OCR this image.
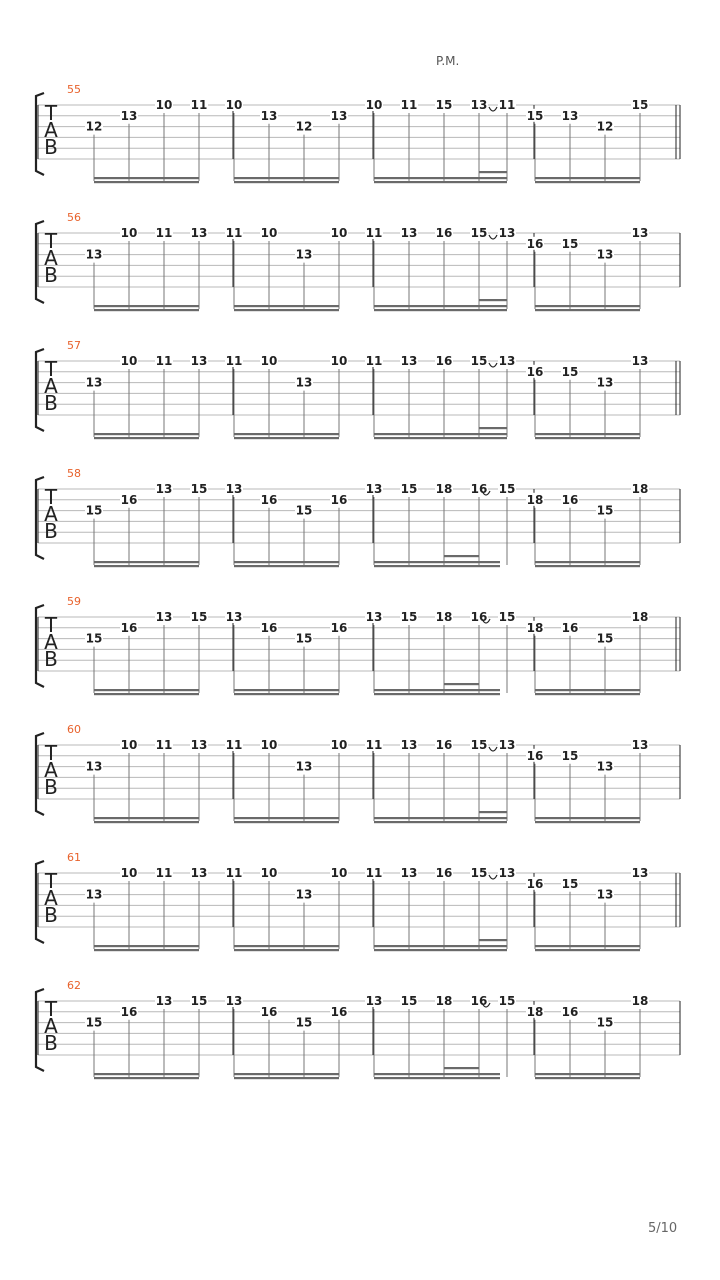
P.M.
T
A
B
55
12
13
10 11 10
13
12
13
10 11 15 13 11
15 13
12
15
T
A
B
56
13
10 11 13 11 10
13
10 11 13 16 15 13
16 15
13
13
T
A
B
57
13
10 11 13 11 10
13
10 11 13 16 15 13
16 15
13
13
T
A
B
58
15
16
13 15 13
16
15
16
13 15 18 16 15
18 16
15
18
T
A
B
59
15
16
13 15 13
16
15
16
13 15 18 16 15
18 16
15
18
T
A
B
60
13
10 11 13 11 10
13
10 11 13 16 15 13
16 15
13
13
T
A
B
61
13
10 11 13 11 10
13
10 11 13 16 15 13
16 15
13
13
T
A
B
62
15
16
13 15 13
16
15
16
13 15 18 16 15
18 16
15
18
5/10
